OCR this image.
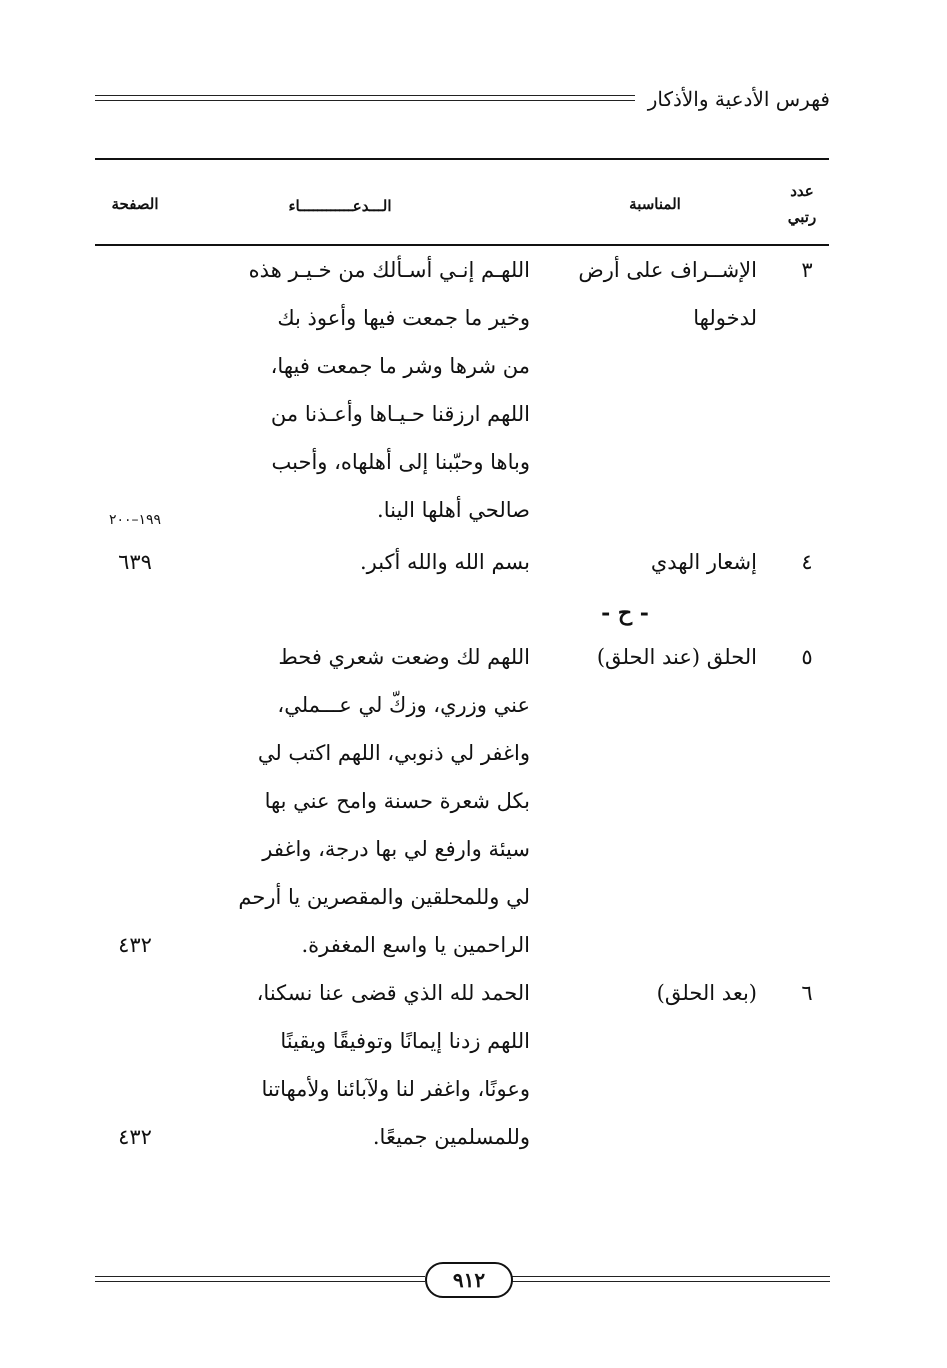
فهرس الأدعية والأذكار
عدد
رتبي
المناسبة
الـــدعــــــــــــاء
الصفحة
٣
الإشــراف على أرض
لدخولها
اللهـم إنـي أسـألك من خـيـر هذه
وخير ما جمعت فيها وأعوذ بك
من شرها وشر ما جمعت فيها،
اللهم ارزقنا حـيـاها وأعـذنا من
وباها وحبّبنا إلى أهلهاه، وأحبب
صالحي أهلها الينا.
١٩٩–٢٠٠
٤
إشعار الهدي
بسم الله والله أكبر.
٦٣٩
- ح -
٥
الحلق (عند الحلق)
اللهم لك وضعت شعري فحط
عني وزري، وزكّ لي عـــملي،
واغفر لي ذنوبي، اللهم اكتب لي
بكل شعرة حسنة وامح عني بها
سيئة وارفع لي بها درجة، واغفر
لي وللمحلقين والمقصرين يا أرحم
الراحمين يا واسع المغفرة.
٤٣٢
٦
(بعد الحلق)
الحمد لله الذي قضى عنا نسكنا،
اللهم زدنا إيمانًا وتوفيقًا ويقينًا
وعونًا، واغفر لنا ولآبائنا ولأمهاتنا
وللمسلمين جميعًا.
٤٣٢
٩١٢
